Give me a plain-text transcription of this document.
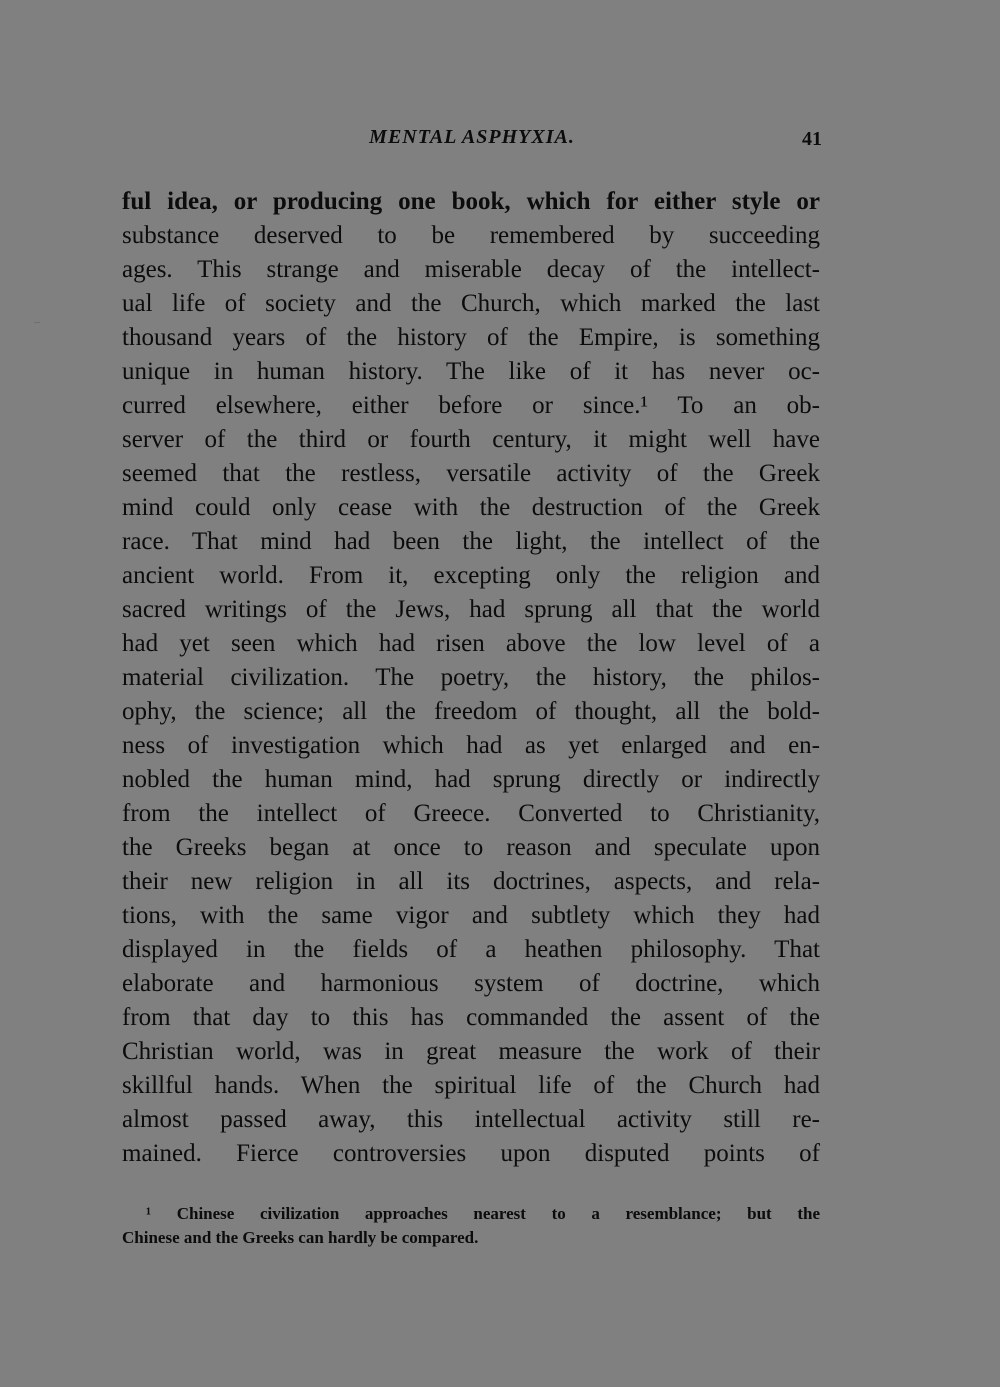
MENTAL ASPHYXIA.	41
ful idea, or producing one book, which for either style or
substance deserved to be remembered by succeeding
ages. This strange and miserable decay of the intellect-
ual life of society and the Church, which marked the last
thousand years of the history of the Empire, is something
unique in human history. The like of it has never oc-
curred elsewhere, either before or since.¹ To an ob-
server of the third or fourth century, it might well have
seemed that the restless, versatile activity of the Greek
mind could only cease with the destruction of the Greek
race. That mind had been the light, the intellect of the
ancient world. From it, excepting only the religion and
sacred writings of the Jews, had sprung all that the world
had yet seen which had risen above the low level of a
material civilization. The poetry, the history, the philos-
ophy, the science; all the freedom of thought, all the bold-
ness of investigation which had as yet enlarged and en-
nobled the human mind, had sprung directly or indirectly
from the intellect of Greece. Converted to Christianity,
the Greeks began at once to reason and speculate upon
their new religion in all its doctrines, aspects, and rela-
tions, with the same vigor and subtlety which they had
displayed in the fields of a heathen philosophy. That
elaborate and harmonious system of doctrine, which
from that day to this has commanded the assent of the
Christian world, was in great measure the work of their
skillful hands. When the spiritual life of the Church had
almost passed away, this intellectual activity still re-
mained. Fierce controversies upon disputed points of
¹ Chinese civilization approaches nearest to a resemblance; but the
Chinese and the Greeks can hardly be compared.
